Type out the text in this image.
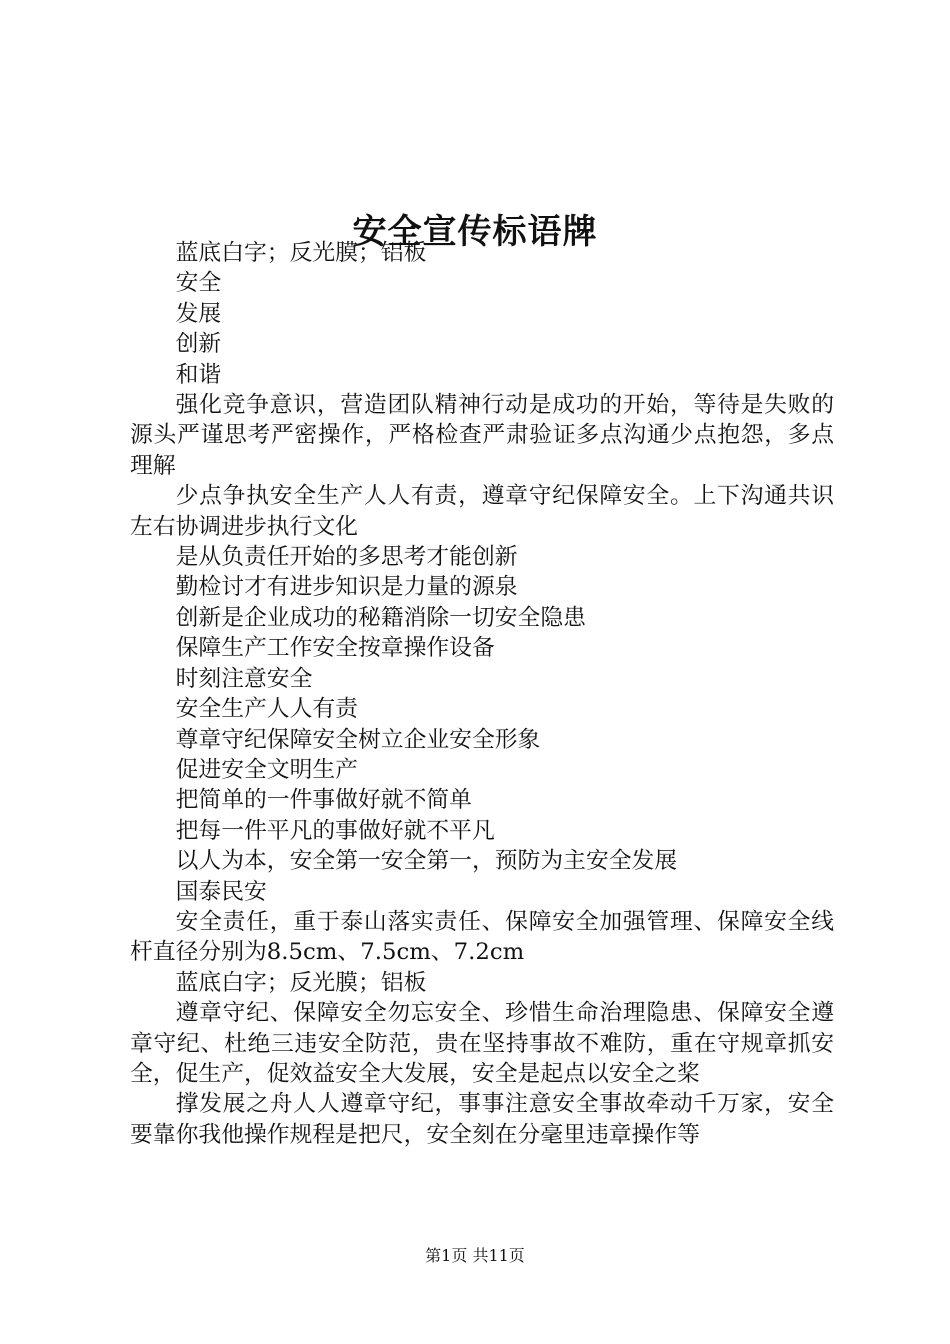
安全宣传标语牌

蓝底白字；反光膜；铝板

安全

发展

创新

和谐

强化竞争意识，营造团队精神行动是成功的开始，等待是失败的源头严谨思考严密操作，严格检查严肃验证多点沟通少点抱怨，多点理解

少点争执安全生产人人有责，遵章守纪保障安全。上下沟通共识左右协调进步执行文化

是从负责任开始的多思考才能创新

勤检讨才有进步知识是力量的源泉

创新是企业成功的秘籍消除一切安全隐患

保障生产工作安全按章操作设备

时刻注意安全

安全生产人人有责

尊章守纪保障安全树立企业安全形象

促进安全文明生产

把简单的一件事做好就不简单

把每一件平凡的事做好就不平凡

以人为本，安全第一安全第一，预防为主安全发展

国泰民安

安全责任，重于泰山落实责任、保障安全加强管理、保障安全线杆直径分别为8.5cm、7.5cm、7.2cm

蓝底白字；反光膜；铝板

遵章守纪、保障安全勿忘安全、珍惜生命治理隐患、保障安全遵章守纪、杜绝三违安全防范，贵在坚持事故不难防，重在守规章抓安全，促生产，促效益安全大发展，安全是起点以安全之桨

撑发展之舟人人遵章守纪，事事注意安全事故牵动千万家，安全要靠你我他操作规程是把尺，安全刻在分毫里违章操作等

第1页 共11页
